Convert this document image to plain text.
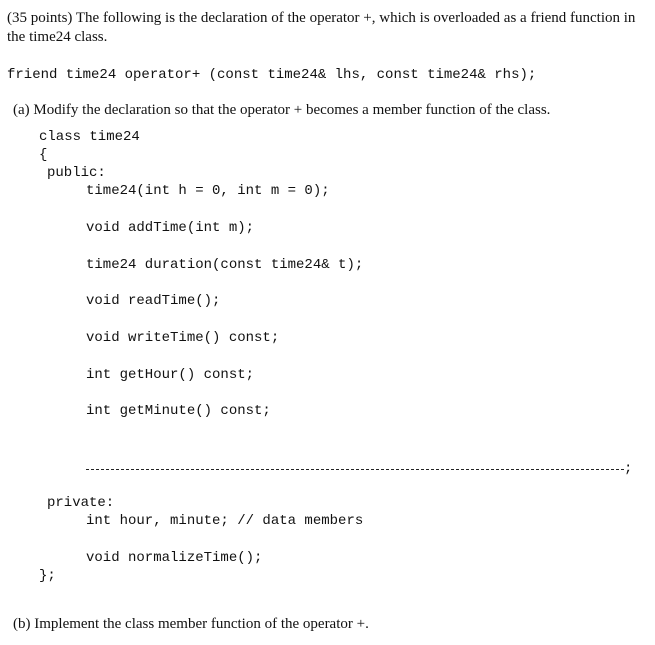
(35 points) The following is the declaration of the operator +, which is overloaded as a friend function in the time24 class.
friend time24 operator+ (const time24& lhs, const time24& rhs);
(a) Modify the declaration so that the operator + becomes a member function of the class.
class time24
{
public:
time24(int h = 0, int m = 0);
void addTime(int m);
time24 duration(const time24& t);
void readTime();
void writeTime() const;
int getHour() const;
int getMinute() const;
;
private:
int hour, minute; // data members
void normalizeTime();
};
(b) Implement the class member function of the operator +.
